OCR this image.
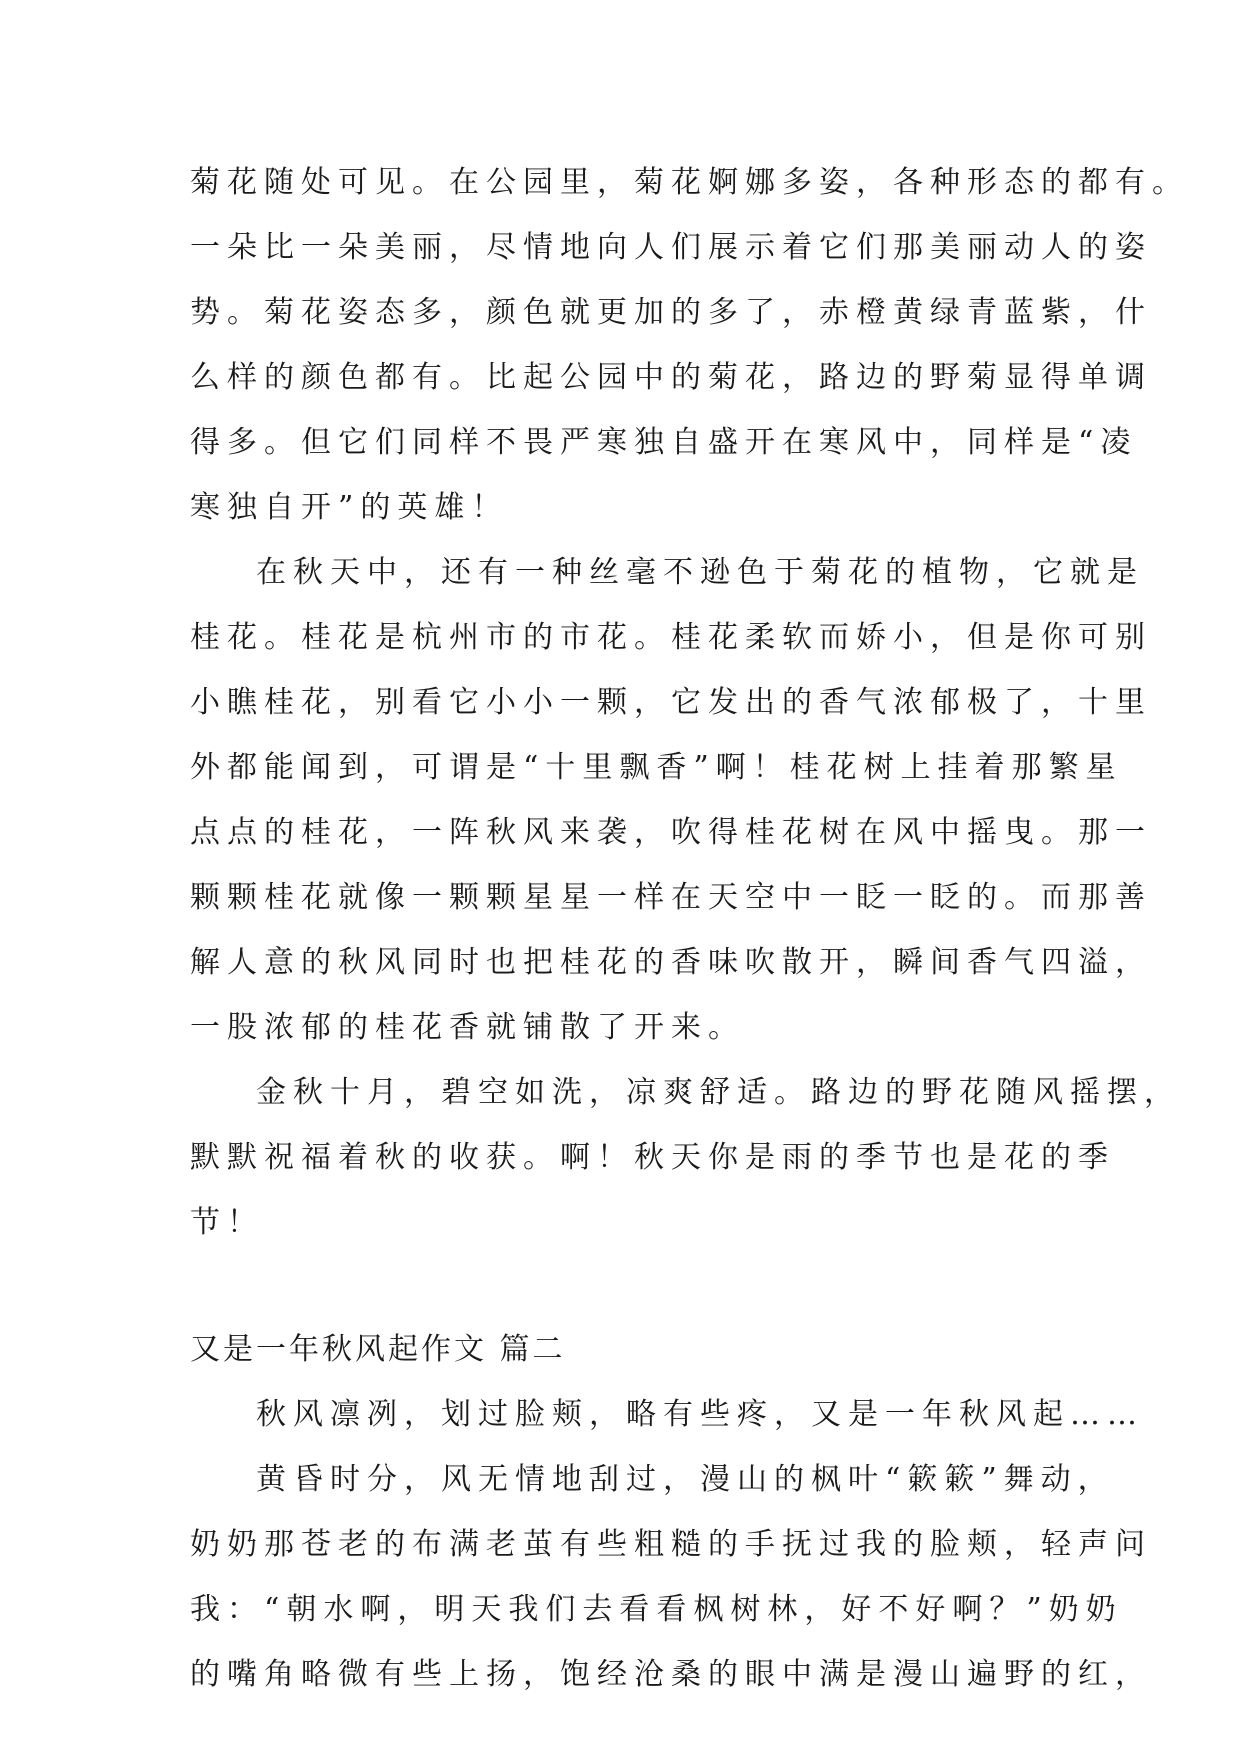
菊花随处可见。在公园里，菊花婀娜多姿，各种形态的都有。
一朵比一朵美丽，尽情地向人们展示着它们那美丽动人的姿
势。菊花姿态多，颜色就更加的多了，赤橙黄绿青蓝紫，什
么样的颜色都有。比起公园中的菊花，路边的野菊显得单调
得多。但它们同样不畏严寒独自盛开在寒风中，同样是“凌
寒独自开”的英雄！
在秋天中，还有一种丝毫不逊色于菊花的植物，它就是
桂花。桂花是杭州市的市花。桂花柔软而娇小，但是你可别
小瞧桂花，别看它小小一颗，它发出的香气浓郁极了，十里
外都能闻到，可谓是“十里飘香”啊！桂花树上挂着那繁星
点点的桂花，一阵秋风来袭，吹得桂花树在风中摇曳。那一
颗颗桂花就像一颗颗星星一样在天空中一眨一眨的。而那善
解人意的秋风同时也把桂花的香味吹散开，瞬间香气四溢，
一股浓郁的桂花香就铺散了开来。
金秋十月，碧空如洗，凉爽舒适。路边的野花随风摇摆，
默默祝福着秋的收获。啊！秋天你是雨的季节也是花的季
节！
又是一年秋风起作文 篇二
秋风凛冽，划过脸颊，略有些疼，又是一年秋风起……
黄昏时分，风无情地刮过，漫山的枫叶“簌簌”舞动，
奶奶那苍老的布满老茧有些粗糙的手抚过我的脸颊，轻声问
我：“朝水啊，明天我们去看看枫树林，好不好啊？”奶奶
的嘴角略微有些上扬，饱经沧桑的眼中满是漫山遍野的红，
